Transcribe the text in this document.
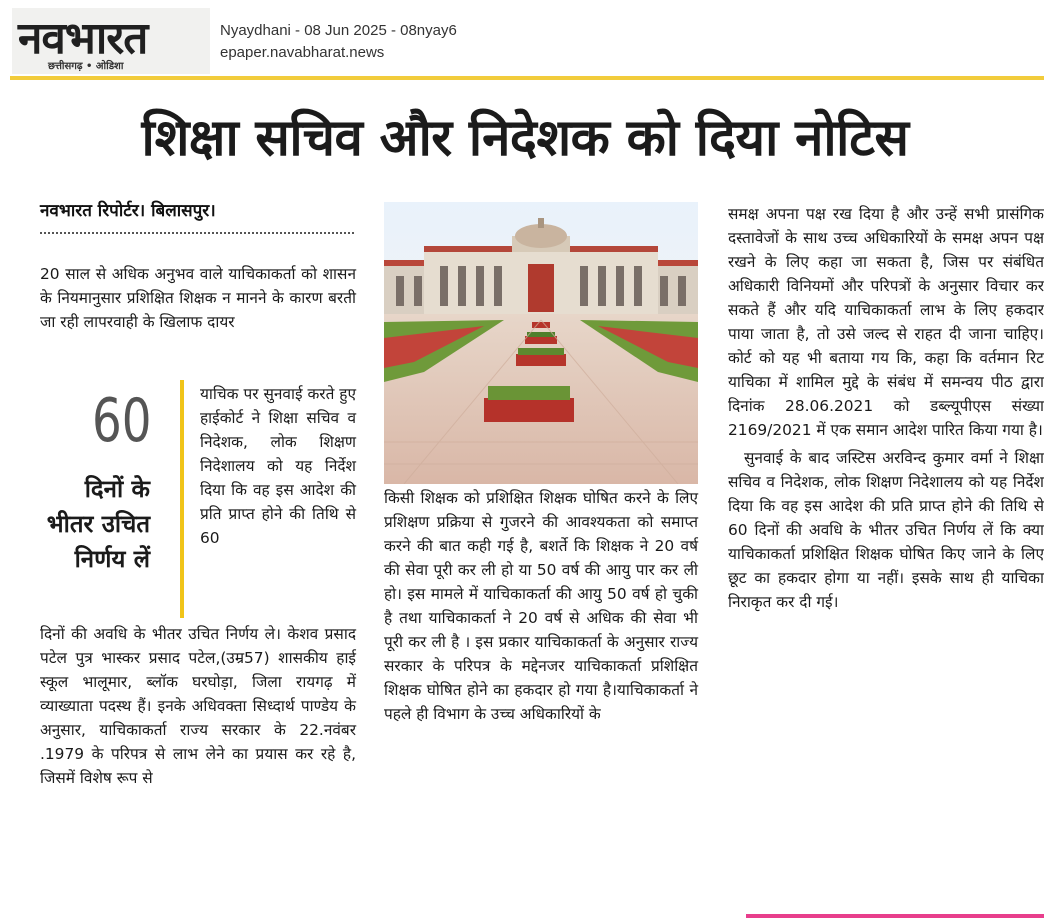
नवभारत
छत्तीसगढ़ • ओडिशा
Nyaydhani - 08 Jun 2025 - 08nyay6
epaper.navabharat.news
शिक्षा सचिव और निदेशक को दिया नोटिस
नवभारत रिपोर्टर। बिलासपुर।
20 साल से अधिक अनुभव वाले याचिकाकर्ता को शासन के नियमानुसार प्रशिक्षित शिक्षक न मानने के कारण बरती जा रही लापरवाही के खिलाफ दायर
60
दिनों के भीतर उचित निर्णय लें
याचिक पर सुनवाई करते हुए हाईकोर्ट ने शिक्षा सचिव व निदेशक, लोक शिक्षण निदेशालय को यह निर्देश दिया कि वह इस आदेश की प्रति प्राप्त होने की तिथि से 60
दिनों की अवधि के भीतर उचित निर्णय ले। केशव प्रसाद पटेल पुत्र भास्कर प्रसाद पटेल,(उम्र57) शासकीय हाई स्कूल भालूमार, ब्लॉक घरघोड़ा, जिला रायगढ़ में व्याख्याता पदस्थ हैं। इनके अधिवक्ता सिध्दार्थ पाण्डेय के अनुसार, याचिकाकर्ता राज्य सरकार के 22.नवंबर .1979 के परिपत्र से लाभ लेने का प्रयास कर रहे है, जिसमें विशेष रूप से
किसी शिक्षक को प्रशिक्षित शिक्षक घोषित करने के लिए प्रशिक्षण प्रक्रिया से गुजरने की आवश्यकता को समाप्त करने की बात कही गई है, बशर्ते कि शिक्षक ने 20 वर्ष की सेवा पूरी कर ली हो या 50 वर्ष की आयु पार कर ली हो। इस मामले में याचिकाकर्ता की आयु 50 वर्ष हो चुकी है तथा याचिकाकर्ता ने 20 वर्ष से अधिक की सेवा भी पूरी कर ली है । इस प्रकार याचिकाकर्ता के अनुसार राज्य सरकार के परिपत्र के मद्देनजर याचिकाकर्ता प्रशिक्षित शिक्षक घोषित होने का हकदार हो गया है।याचिकाकर्ता ने पहले ही विभाग के उच्च अधिकारियों के
समक्ष अपना पक्ष रख दिया है और उन्हें सभी प्रासंगिक दस्तावेजों के साथ उच्च अधिकारियों के समक्ष अपन पक्ष रखने के लिए कहा जा सकता है, जिस पर संबंधित अधिकारी विनियमों और परिपत्रों के अनुसार विचार कर सकते हैं और यदि याचिकाकर्ता लाभ के लिए हकदार पाया जाता है, तो उसे जल्द से राहत दी जाना चाहिए। कोर्ट को यह भी बताया गय कि, कहा कि वर्तमान रिट याचिका में शामिल मुद्दे के संबंध में समन्वय पीठ द्वारा दिनांक 28.06.2021 को डब्ल्यूपीएस संख्या 2169/2021 में एक समान आदेश पारित किया गया है।
सुनवाई के बाद जस्टिस अरविन्द कुमार वर्मा ने शिक्षा सचिव व निदेशक, लोक शिक्षण निदेशालय को यह निर्देश दिया कि वह इस आदेश की प्रति प्राप्त होने की तिथि से 60 दिनों की अवधि के भीतर उचित निर्णय लें कि क्या याचिकाकर्ता प्रशिक्षित शिक्षक घोषित किए जाने के लिए छूट का हकदार होगा या नहीं। इसके साथ ही याचिका निराकृत कर दी गई।
